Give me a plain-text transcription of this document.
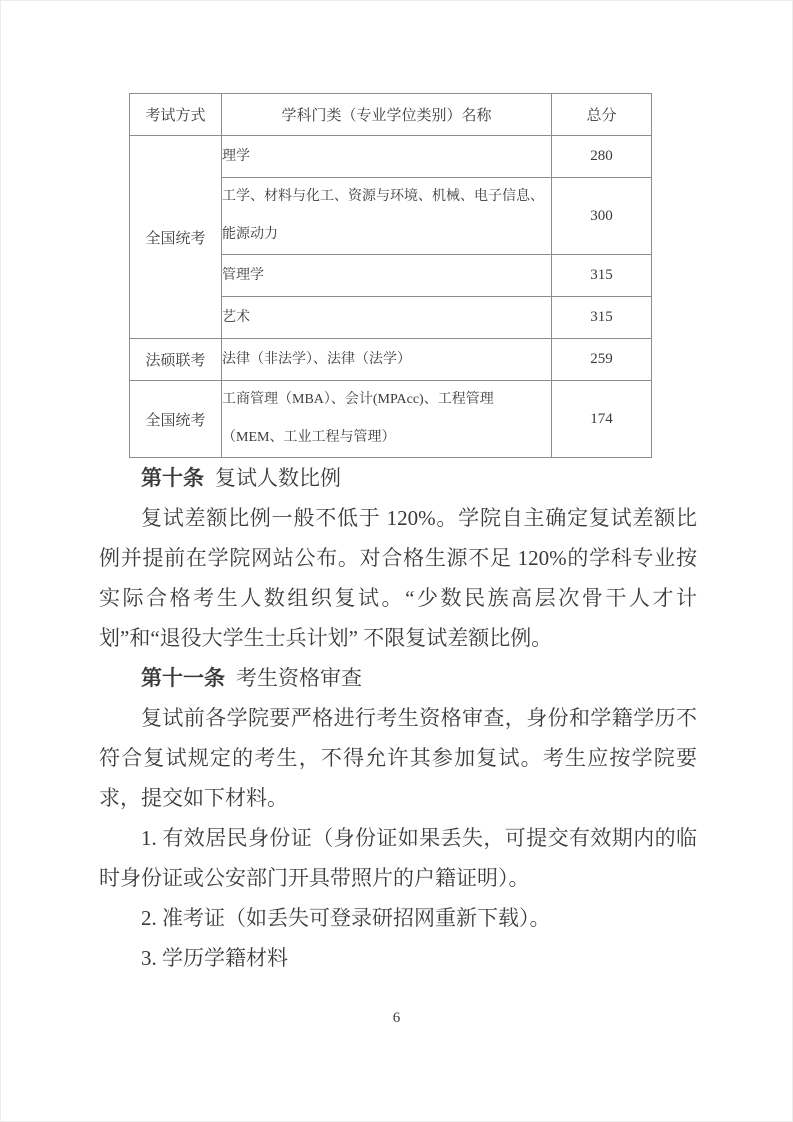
考试方式	学科门类（专业学位类别）名称	总分
全国统考	理学	280
	工学、材料与化工、资源与环境、机械、电子信息、能源动力	300
	管理学	315
	艺术	315
法硕联考	法律（非法学）、法律（法学）	259
全国统考	工商管理（MBA）、会计(MPAcc)、工程管理（MEM、工业工程与管理）	174

第十条 复试人数比例

复试差额比例一般不低于 120%。学院自主确定复试差额比例并提前在学院网站公布。对合格生源不足 120%的学科专业按实际合格考生人数组织复试。“少数民族高层次骨干人才计划”和“退役大学生士兵计划” 不限复试差额比例。

第十一条 考生资格审查

复试前各学院要严格进行考生资格审查，身份和学籍学历不符合复试规定的考生，不得允许其参加复试。考生应按学院要求，提交如下材料。

1. 有效居民身份证（身份证如果丢失，可提交有效期内的临时身份证或公安部门开具带照片的户籍证明）。

2. 准考证（如丢失可登录研招网重新下载）。

3. 学历学籍材料

6
